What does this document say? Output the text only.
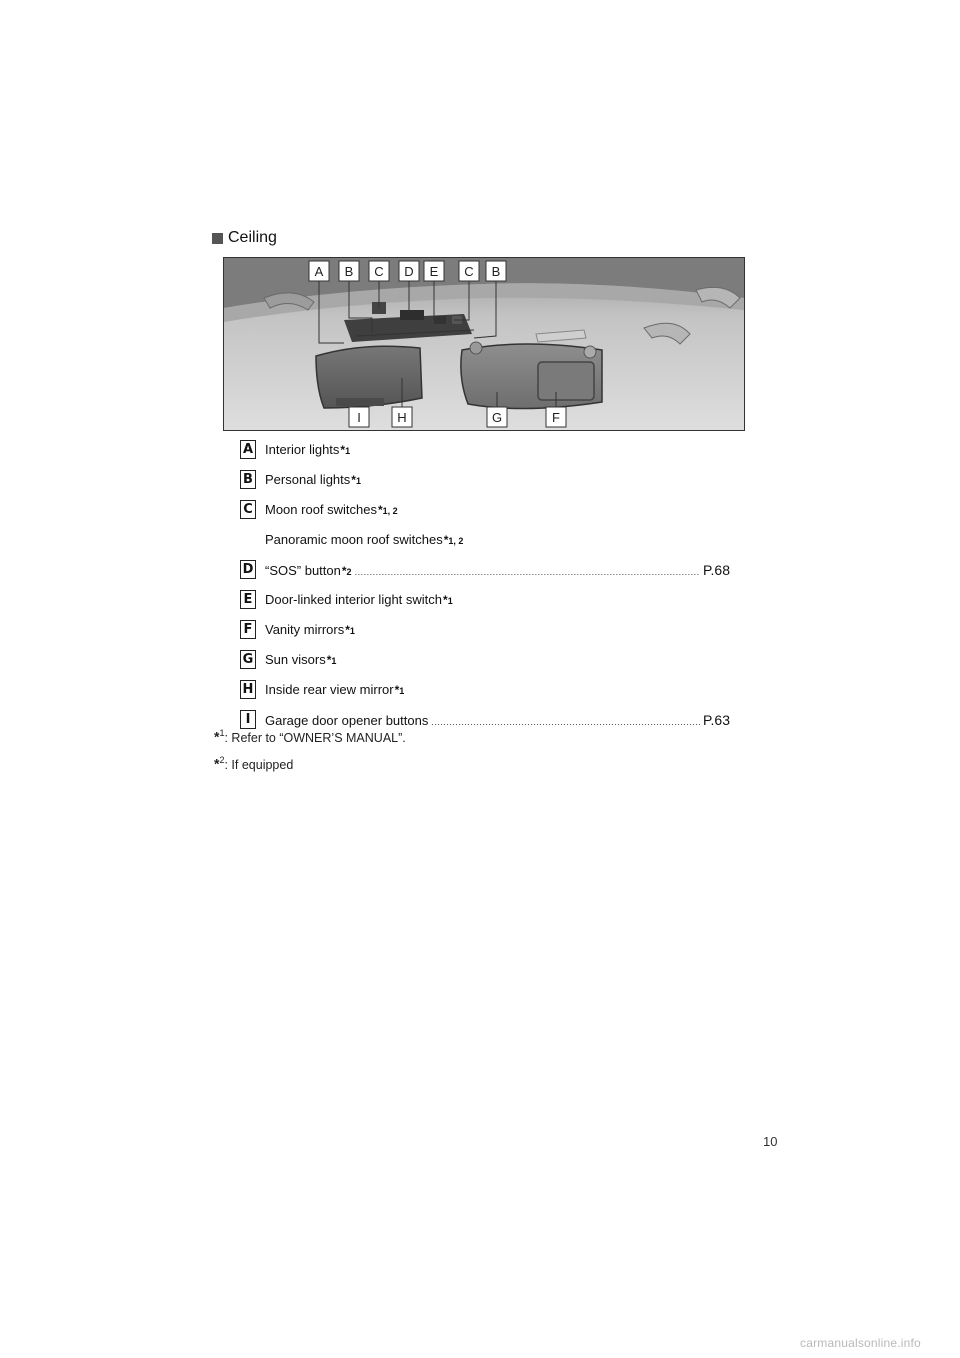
Ceiling
A B C D E C B
I	H	G	F
A Interior lights *1
B Personal lights *1
C Moon roof switches *1, 2
Panoramic moon roof switches *1, 2
D “SOS” button *2 .....	P.68
E Door-linked interior light switch *1
F Vanity mirrors *1
G Sun visors *1
H Inside rear view mirror *1
I	Garage door opener buttons .....	P.63
*$^1$ : Refer to “OWNER’S MANUAL”.
*$^2$ : If equipped
10
carmanualsonline.info
